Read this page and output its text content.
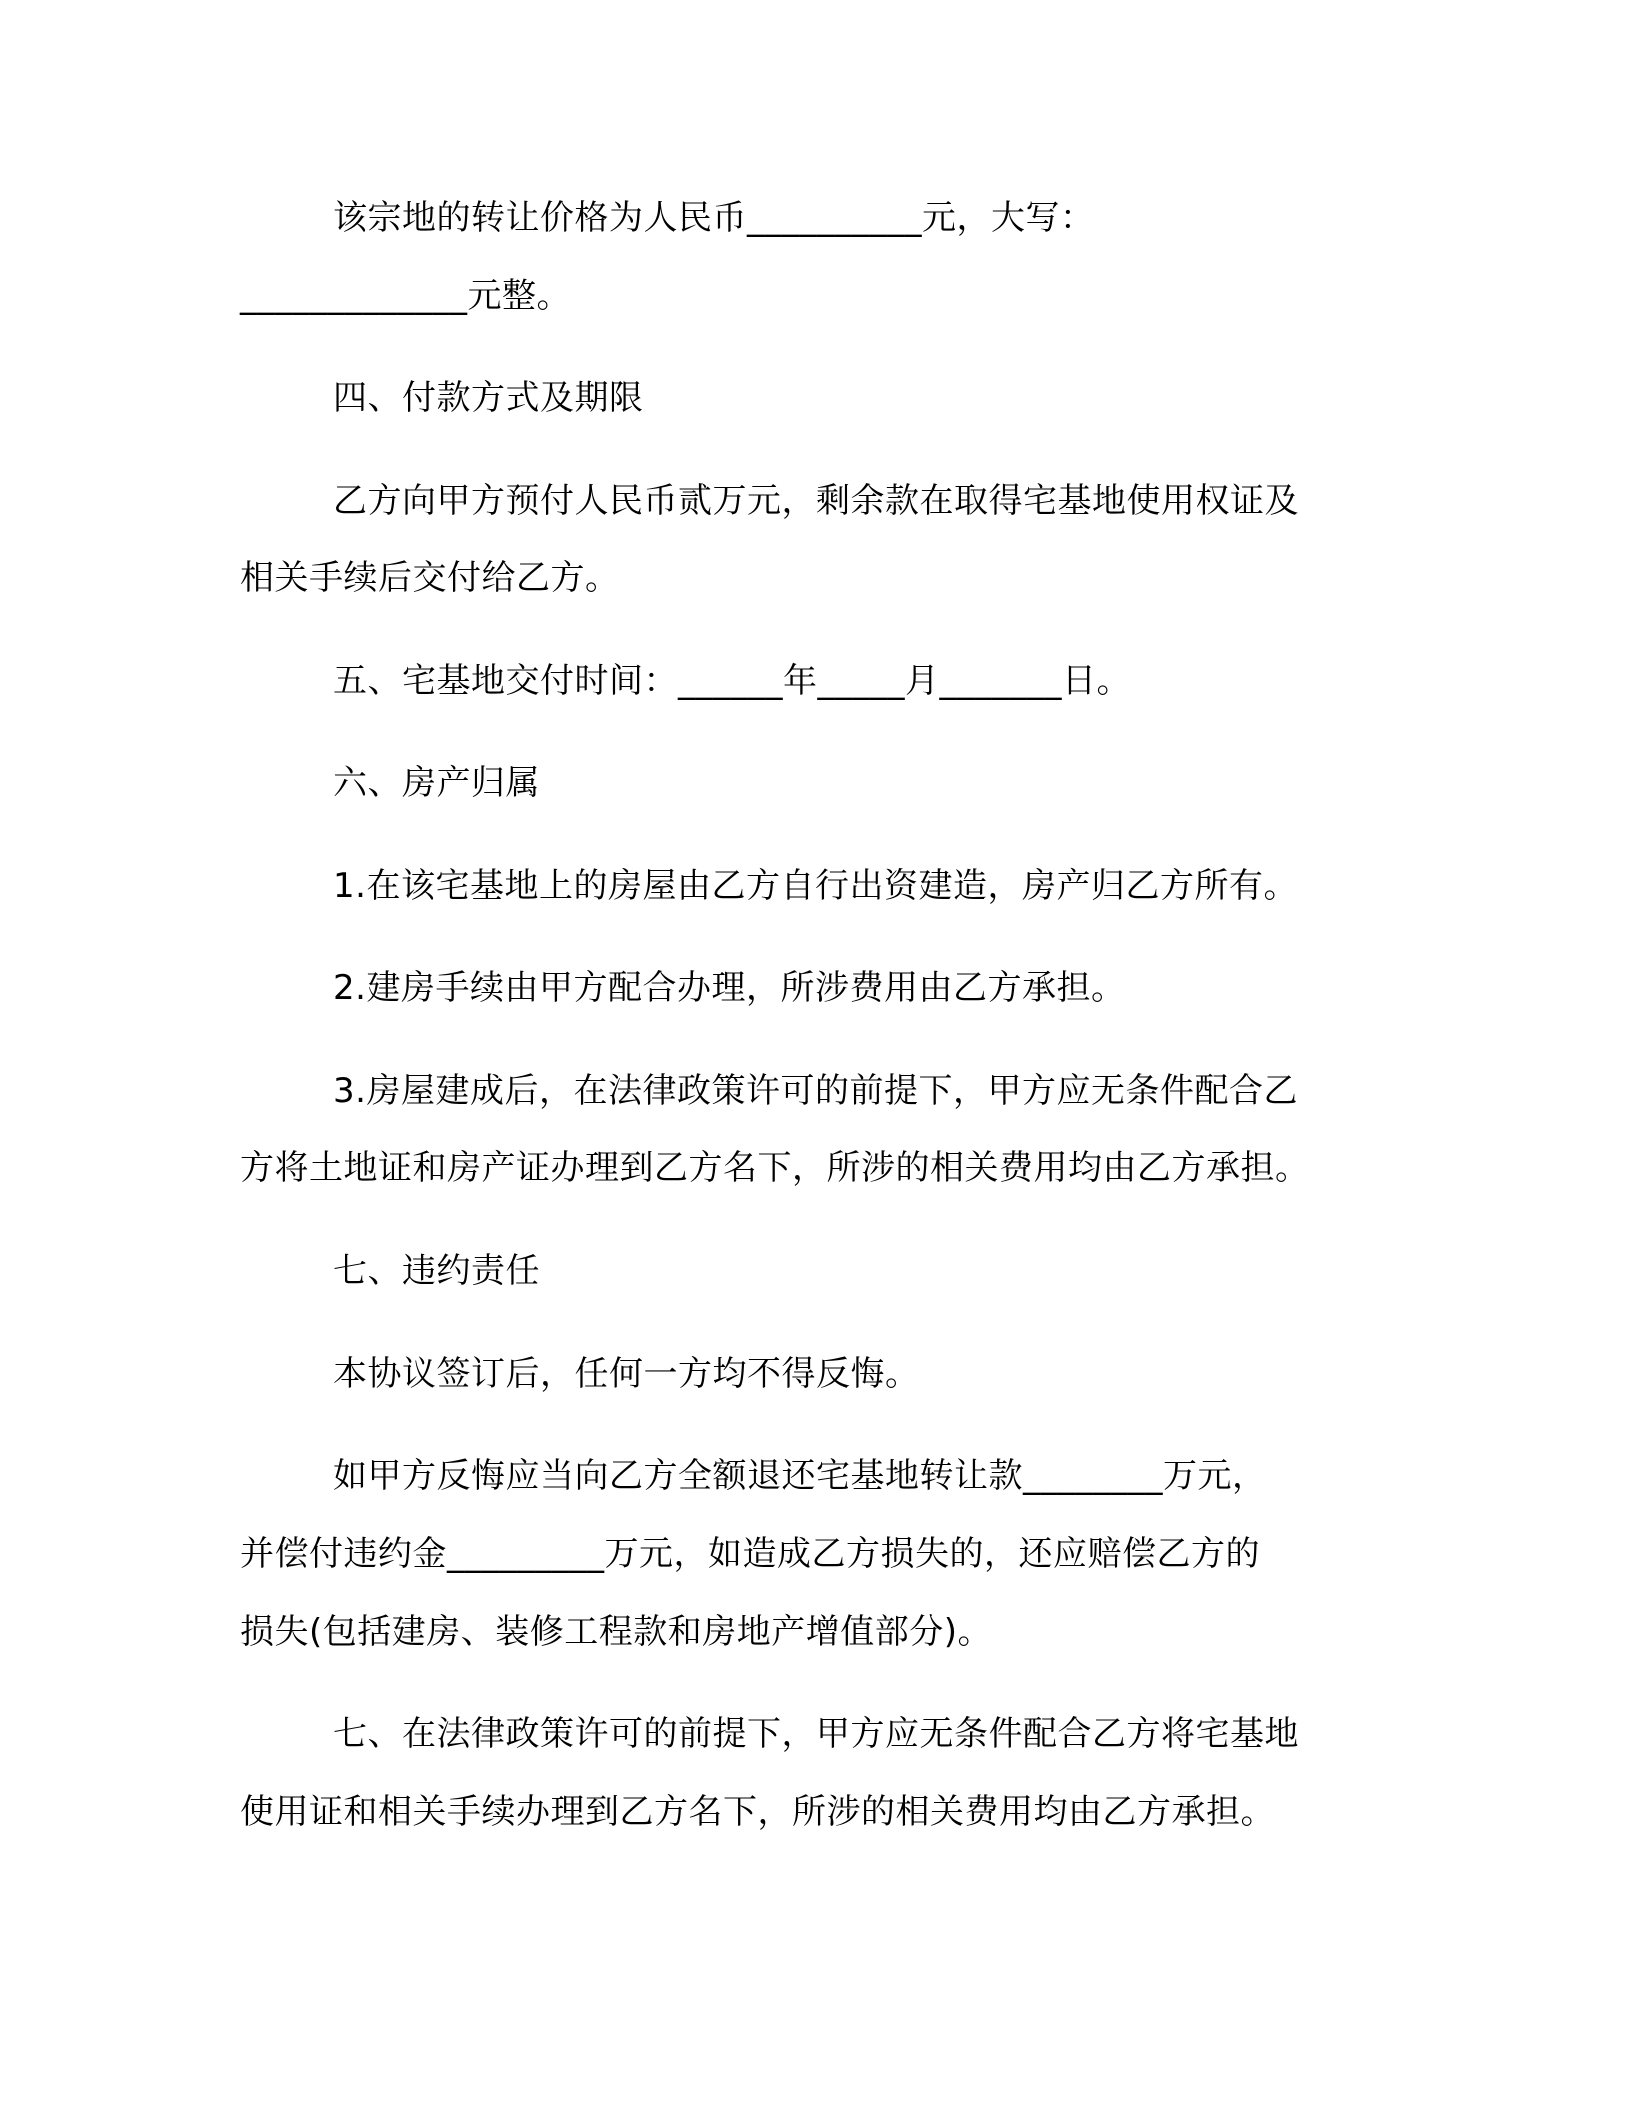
该宗地的转让价格为人民币__________元，大写：

_____________元整。

四、付款方式及期限

乙方向甲方预付人民币贰万元，剩余款在取得宅基地使用权证及

相关手续后交付给乙方。

五、宅基地交付时间：______年_____月_______日。

六、房产归属

1.在该宅基地上的房屋由乙方自行出资建造，房产归乙方所有。

2.建房手续由甲方配合办理，所涉费用由乙方承担。

3.房屋建成后，在法律政策许可的前提下，甲方应无条件配合乙

方将土地证和房产证办理到乙方名下，所涉的相关费用均由乙方承担。

七、违约责任

本协议签订后，任何一方均不得反悔。

如甲方反悔应当向乙方全额退还宅基地转让款________万元，

并偿付违约金_________万元，如造成乙方损失的，还应赔偿乙方的

损失(包括建房、装修工程款和房地产增值部分)。

七、在法律政策许可的前提下，甲方应无条件配合乙方将宅基地

使用证和相关手续办理到乙方名下，所涉的相关费用均由乙方承担。
